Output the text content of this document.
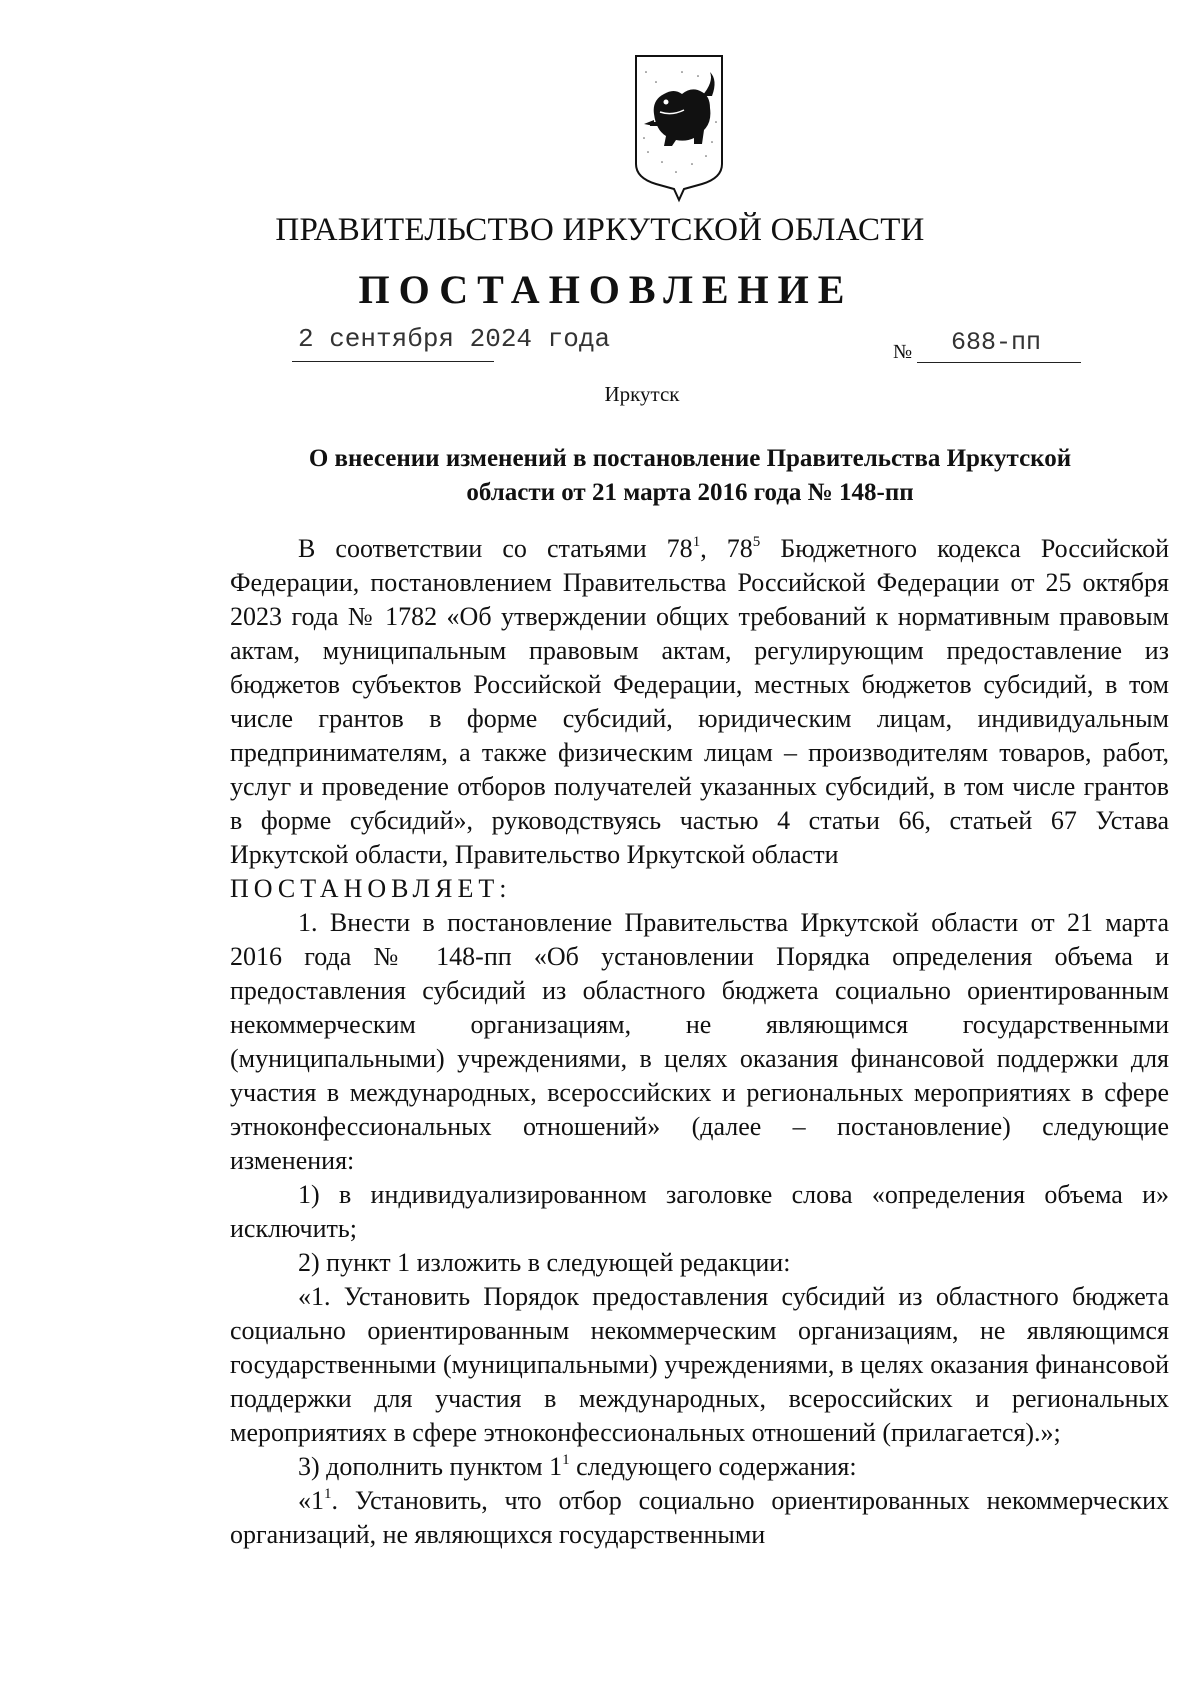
ПРАВИТЕЛЬСТВО ИРКУТСКОЙ ОБЛАСТИ
ПОСТАНОВЛЕНИЕ
2 сентября 2024 года	№ 688-пп
Иркутск
О внесении изменений в постановление Правительства Иркутской
области от 21 марта 2016 года № 148-пп

В соответствии со статьями $78^1$, $78^5$ Бюджетного кодекса Российской Федерации, постановлением Правительства Российской Федерации от 25 октября 2023 года № 1782 «Об утверждении общих требований к нормативным правовым актам, муниципальным правовым актам, регулирующим предоставление из бюджетов субъектов Российской Федерации, местных бюджетов субсидий, в том числе грантов в форме субсидий, юридическим лицам, индивидуальным предпринимателям, а также физическим лицам – производителям товаров, работ, услуг и проведение отборов получателей указанных субсидий, в том числе грантов в форме субсидий», руководствуясь частью 4 статьи 66, статьей 67 Устава Иркутской области, Правительство Иркутской области

ПОСТАНОВЛЯЕТ:

1. Внести в постановление Правительства Иркутской области от 21 марта 2016 года № 148-пп «Об установлении Порядка определения объема и предоставления субсидий из областного бюджета социально ориентированным некоммерческим организациям, не являющимся государственными (муниципальными) учреждениями, в целях оказания финансовой поддержки для участия в международных, всероссийских и региональных мероприятиях в сфере этноконфессиональных отношений» (далее – постановление) следующие изменения:

1) в индивидуализированном заголовке слова «определения объема и» исключить;

2) пункт 1 изложить в следующей редакции:

«1. Установить Порядок предоставления субсидий из областного бюджета социально ориентированным некоммерческим организациям, не являющимся государственными (муниципальными) учреждениями, в целях оказания финансовой поддержки для участия в международных, всероссийских и региональных мероприятиях в сфере этноконфессиональных отношений (прилагается).»;

3) дополнить пунктом $1^1$ следующего содержания:

«$1^1$. Установить, что отбор социально ориентированных некоммерческих организаций, не являющихся государственными
